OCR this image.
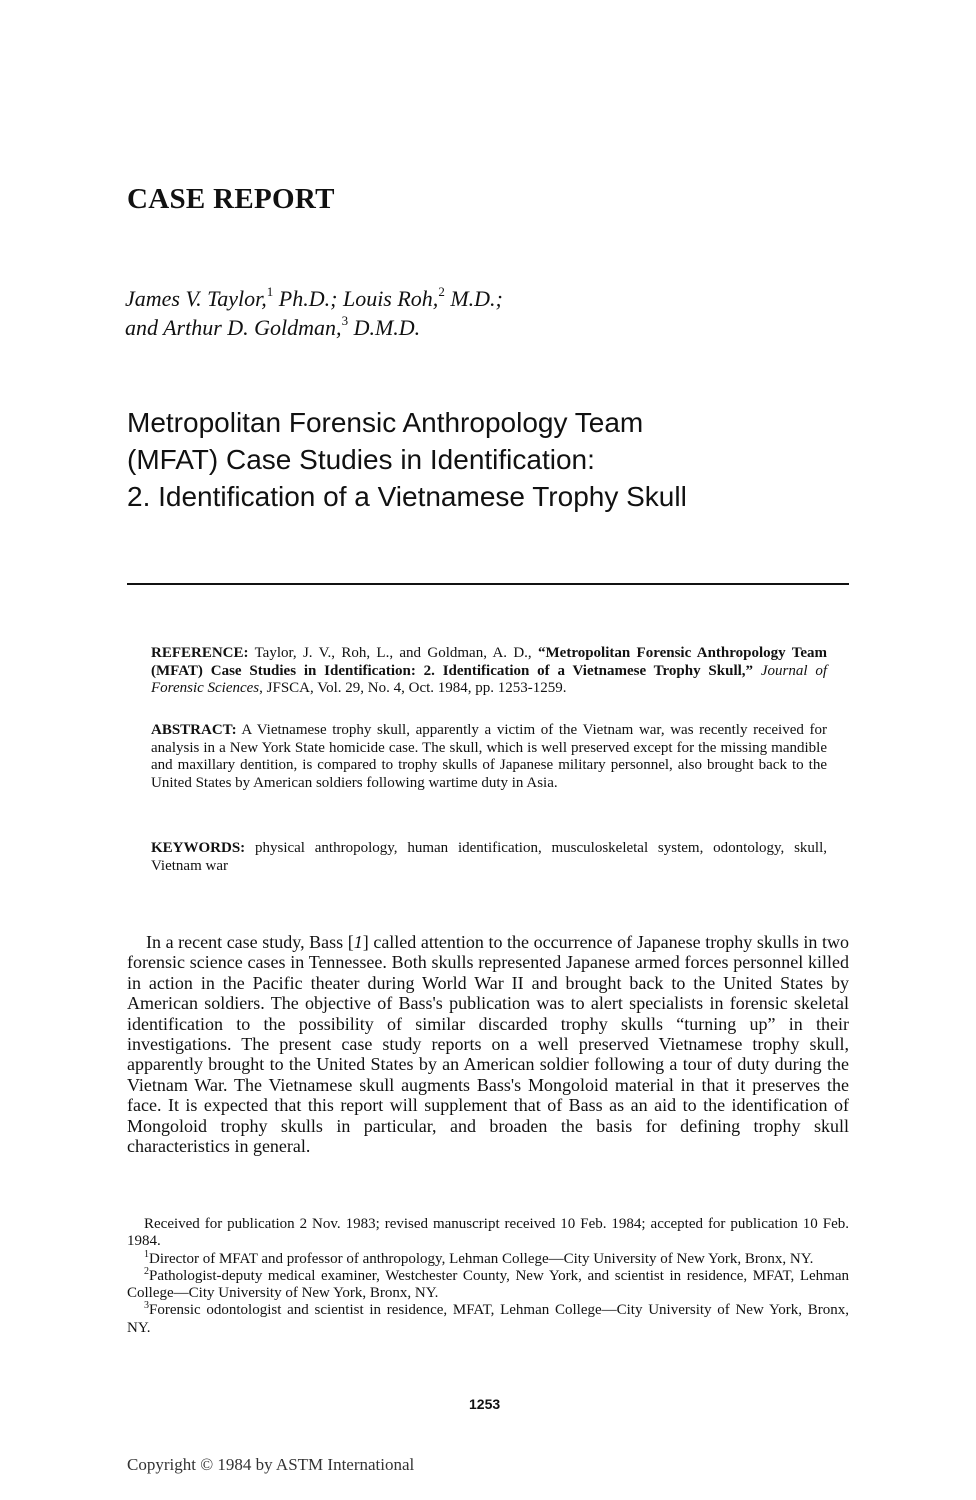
CASE REPORT
James V. Taylor,$^1$ Ph.D.; Louis Roh,$^2$ M.D.;
and Arthur D. Goldman,$^3$ D.M.D.
Metropolitan Forensic Anthropology Team
(MFAT) Case Studies in Identification:
2. Identification of a Vietnamese Trophy Skull
REFERENCE: Taylor, J. V., Roh, L., and Goldman, A. D., “Metropolitan Forensic Anthropology Team (MFAT) Case Studies in Identification: 2. Identification of a Vietnamese Trophy Skull,” Journal of Forensic Sciences, JFSCA, Vol. 29, No. 4, Oct. 1984, pp. 1253-1259.
ABSTRACT: A Vietnamese trophy skull, apparently a victim of the Vietnam war, was recently received for analysis in a New York State homicide case. The skull, which is well preserved except for the missing mandible and maxillary dentition, is compared to trophy skulls of Japanese military personnel, also brought back to the United States by American soldiers following wartime duty in Asia.
KEYWORDS: physical anthropology, human identification, musculoskeletal system, odontology, skull, Vietnam war

In a recent case study, Bass [1] called attention to the occurrence of Japanese trophy skulls in two forensic science cases in Tennessee. Both skulls represented Japanese armed forces personnel killed in action in the Pacific theater during World War II and brought back to the United States by American soldiers. The objective of Bass's publication was to alert specialists in forensic skeletal identification to the possibility of similar discarded trophy skulls “turning up” in their investigations. The present case study reports on a well preserved Vietnamese trophy skull, apparently brought to the United States by an American soldier following a tour of duty during the Vietnam War. The Vietnamese skull augments Bass's Mongoloid material in that it preserves the face. It is expected that this report will supplement that of Bass as an aid to the identification of Mongoloid trophy skulls in particular, and broaden the basis for defining trophy skull characteristics in general.

Received for publication 2 Nov. 1983; revised manuscript received 10 Feb. 1984; accepted for publication 10 Feb. 1984.

$^1$Director of MFAT and professor of anthropology, Lehman College—City University of New York, Bronx, NY.

$^2$Pathologist-deputy medical examiner, Westchester County, New York, and scientist in residence, MFAT, Lehman College—City University of New York, Bronx, NY.

$^3$Forensic odontologist and scientist in residence, MFAT, Lehman College—City University of New York, Bronx, NY.

1253
Copyright © 1984 by ASTM International
